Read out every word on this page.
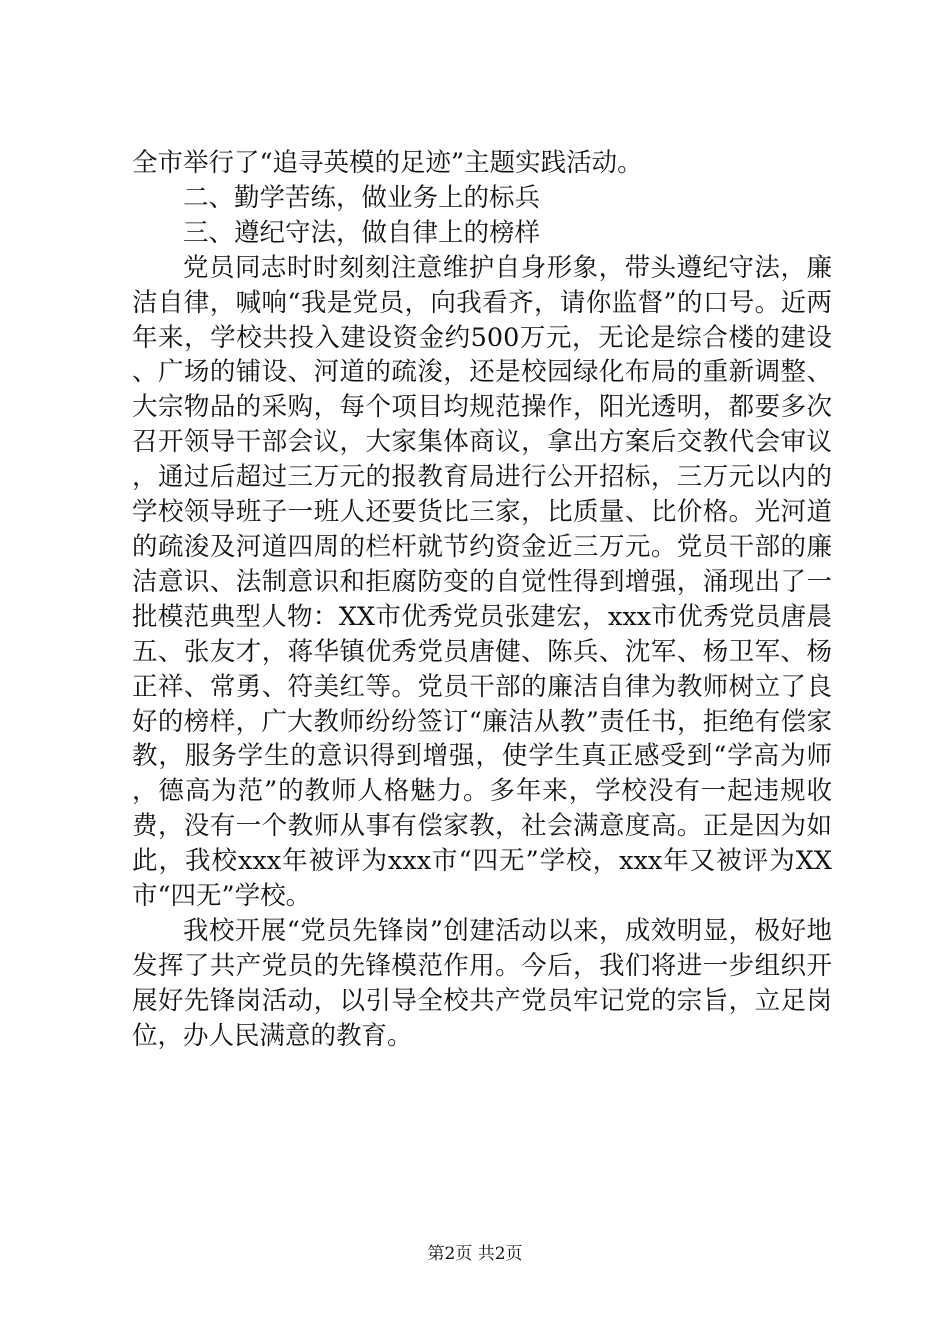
全市举行了“追寻英模的足迹”主题实践活动。

二、勤学苦练，做业务上的标兵

三、遵纪守法，做自律上的榜样

党员同志时时刻刻注意维护自身形象，带头遵纪守法，廉洁自律，喊响“我是党员，向我看齐，请你监督”的口号。近两年来，学校共投入建设资金约500万元，无论是综合楼的建设、广场的铺设、河道的疏浚，还是校园绿化布局的重新调整、大宗物品的采购，每个项目均规范操作，阳光透明，都要多次召开领导干部会议，大家集体商议，拿出方案后交教代会审议，通过后超过三万元的报教育局进行公开招标，三万元以内的学校领导班子一班人还要货比三家，比质量、比价格。光河道的疏浚及河道四周的栏杆就节约资金近三万元。党员干部的廉洁意识、法制意识和拒腐防变的自觉性得到增强，涌现出了一批模范典型人物：XX市优秀党员张建宏，xxx市优秀党员唐晨五、张友才，蒋华镇优秀党员唐健、陈兵、沈军、杨卫军、杨正祥、常勇、符美红等。党员干部的廉洁自律为教师树立了良好的榜样，广大教师纷纷签订“廉洁从教”责任书，拒绝有偿家教，服务学生的意识得到增强，使学生真正感受到“学高为师，德高为范”的教师人格魅力。多年来，学校没有一起违规收费，没有一个教师从事有偿家教，社会满意度高。正是因为如此，我校xxx年被评为xxx市“四无”学校，xxx年又被评为XX市“四无”学校。

我校开展“党员先锋岗”创建活动以来，成效明显，极好地发挥了共产党员的先锋模范作用。今后，我们将进一步组织开展好先锋岗活动，以引导全校共产党员牢记党的宗旨，立足岗位，办人民满意的教育。

第2页 共2页
